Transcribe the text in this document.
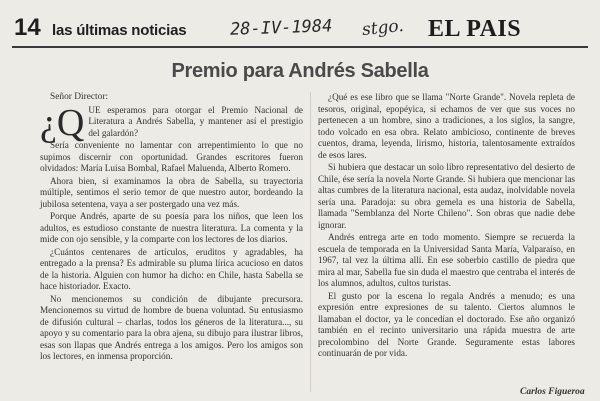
14 las últimas noticias	28-IV-1984 stgo. EL PAIS
Premio para Andrés Sabella

Señor Director:

¿Q UE esperamos para otorgar el Premio Nacional de Literatura a Andrés Sabella, y mantener así el prestigio del galardón?

Sería conveniente no lamentar con arrepentimiento lo que no supimos discernir con oportunidad. Grandes escritores fueron olvidados: María Luisa Bombal, Rafael Maluenda, Alberto Romero.

Ahora bien, si examinamos la obra de Sabella, su trayectoria múltiple, sentimos el serio temor de que nuestro autor, bordeando la jubilosa setentena, vaya a ser postergado una vez más.

Porque Andrés, aparte de su poesía para los niños, que leen los adultos, es estudioso constante de nuestra literatura. La comenta y la mide con ojo sensible, y la comparte con los lectores de los diarios.

¿Cuántos centenares de artículos, eruditos y agradables, ha entregado a la prensa? Es admirable su pluma lírica acucioso en datos de la historia. Alguien con humor ha dicho: en Chile, hasta Sabella se hace historiador. Exacto.

No mencionemos su condición de dibujante precursora. Mencionemos su virtud de hombre de buena voluntad. Su entusiasmo de difusión cultural – charlas, todos los géneros de la literatura..., su apoyo y su comentario para la obra ajena, su dibujo para ilustrar libros, esas son llapas que Andrés entrega a los amigos. Pero los amigos son los lectores, en inmensa proporción.

¿Qué es ese libro que se llama "Norte Grande". Novela repleta de tesoros, original, epopéyica, si echamos de ver que sus voces no pertenecen a un hombre, sino a tradiciones, a los siglos, la sangre, todo volcado en esa obra. Relato ambicioso, continente de breves cuentos, drama, leyenda, lirismo, historia, talentosamente extraídos de esos lares.

Si hubiera que destacar un solo libro representativo del desierto de Chile, ése sería la novela Norte Grande. Si hubiera que mencionar las altas cumbres de la literatura nacional, esta audaz, inolvidable novela sería una. Paradoja: su obra gemela es una historia de Sabella, llamada "Semblanza del Norte Chileno". Son obras que nadie debe ignorar.

Andrés entrega arte en todo momento. Siempre se recuerda la escuela de temporada en la Universidad Santa María, Valparaíso, en 1967, tal vez la última allí. En ese soberbio castillo de piedra que mira al mar, Sabella fue sin duda el maestro que centraba el interés de los alumnos, adultos, cultos turistas.

El gusto por la escena lo regala Andrés a menudo; es una expresión entre expresiones de su talento. Ciertos alumnos le llamaban el doctor, ya le concedían el doctorado. Ese año organizó también en el recinto universitario una rápida muestra de arte precolombino del Norte Grande. Seguramente estas labores continuarán de por vida.

Carlos Figueroa
